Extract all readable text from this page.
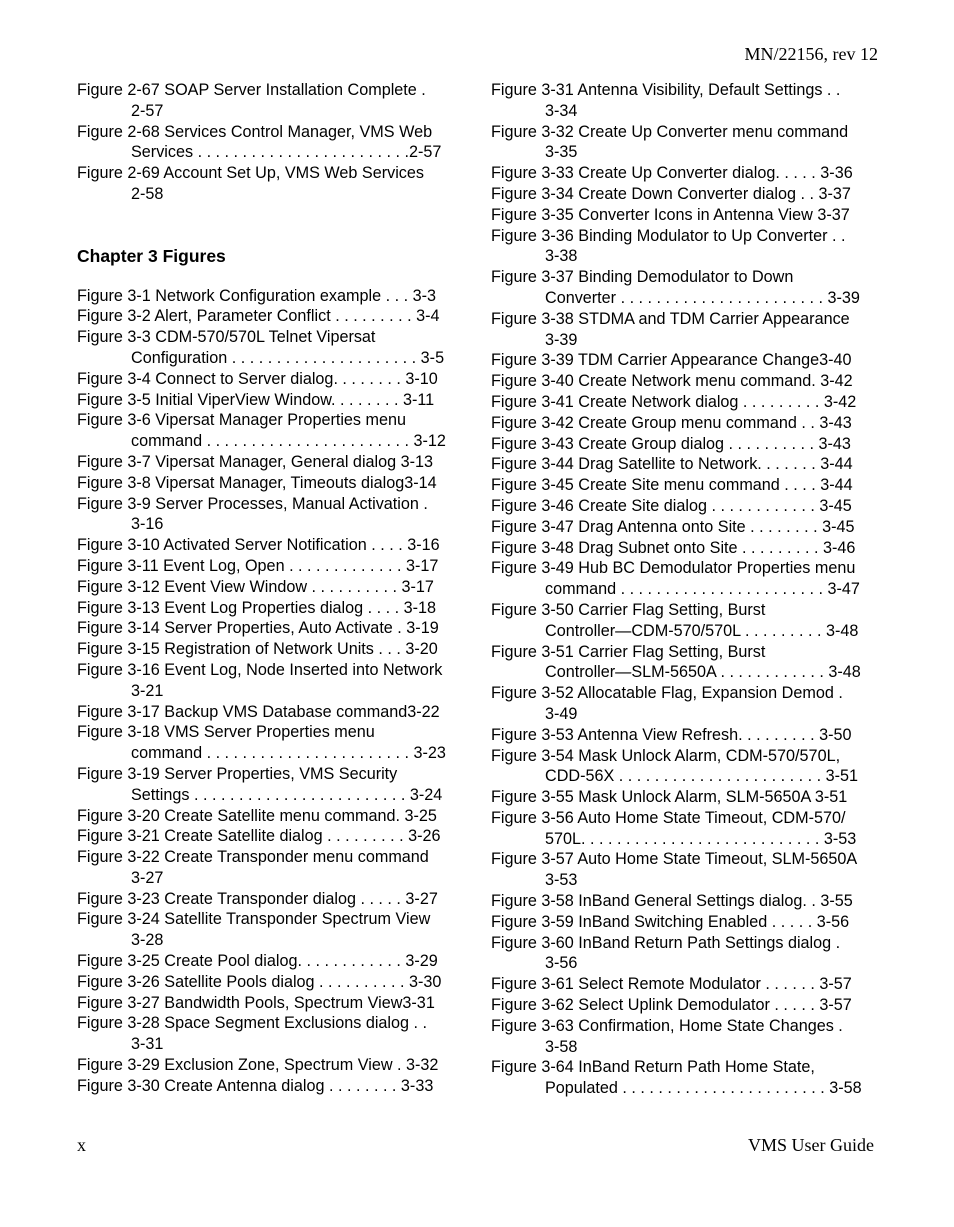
MN/22156, rev 12
Figure 2-67 SOAP Server Installation Complete .
2-57
Figure 2-68 Services Control Manager, VMS Web
Services . . . . . . . . . . . . . . . . . . . . . . . .2-57
Figure 2-69 Account Set Up, VMS Web Services
2-58
Chapter 3 Figures
Figure 3-1 Network Configuration example . . . 3-3
Figure 3-2 Alert, Parameter Conflict . . . . . . . . . 3-4
Figure 3-3 CDM-570/570L Telnet Vipersat
Configuration . . . . . . . . . . . . . . . . . . . . . 3-5
Figure 3-4 Connect to Server dialog. . . . . . . . 3-10
Figure 3-5 Initial ViperView Window. . . . . . . . 3-11
Figure 3-6 Vipersat Manager Properties menu
command . . . . . . . . . . . . . . . . . . . . . . . 3-12
Figure 3-7 Vipersat Manager, General dialog 3-13
Figure 3-8 Vipersat Manager, Timeouts dialog3-14
Figure 3-9 Server Processes, Manual Activation .
3-16
Figure 3-10 Activated Server Notification . . . . 3-16
Figure 3-11 Event Log, Open . . . . . . . . . . . . . 3-17
Figure 3-12 Event View Window . . . . . . . . . . 3-17
Figure 3-13 Event Log Properties dialog . . . . 3-18
Figure 3-14 Server Properties, Auto Activate . 3-19
Figure 3-15 Registration of Network Units . . . 3-20
Figure 3-16 Event Log, Node Inserted into Network
3-21
Figure 3-17 Backup VMS Database command3-22
Figure 3-18 VMS Server Properties menu
command . . . . . . . . . . . . . . . . . . . . . . . 3-23
Figure 3-19 Server Properties, VMS Security
Settings . . . . . . . . . . . . . . . . . . . . . . . . 3-24
Figure 3-20 Create Satellite menu command. 3-25
Figure 3-21 Create Satellite dialog . . . . . . . . . 3-26
Figure 3-22 Create Transponder menu command
3-27
Figure 3-23 Create Transponder dialog . . . . . 3-27
Figure 3-24 Satellite Transponder Spectrum View
3-28
Figure 3-25 Create Pool dialog. . . . . . . . . . . . 3-29
Figure 3-26 Satellite Pools dialog . . . . . . . . . . 3-30
Figure 3-27 Bandwidth Pools, Spectrum View3-31
Figure 3-28 Space Segment Exclusions dialog . .
3-31
Figure 3-29 Exclusion Zone, Spectrum View . 3-32
Figure 3-30 Create Antenna dialog . . . . . . . . 3-33
Figure 3-31 Antenna Visibility, Default Settings . .
3-34
Figure 3-32 Create Up Converter menu command
3-35
Figure 3-33 Create Up Converter dialog. . . . . 3-36
Figure 3-34 Create Down Converter dialog . . 3-37
Figure 3-35 Converter Icons in Antenna View 3-37
Figure 3-36 Binding Modulator to Up Converter . .
3-38
Figure 3-37 Binding Demodulator to Down
Converter . . . . . . . . . . . . . . . . . . . . . . . 3-39
Figure 3-38 STDMA and TDM Carrier Appearance
3-39
Figure 3-39 TDM Carrier Appearance Change3-40
Figure 3-40 Create Network menu command. 3-42
Figure 3-41 Create Network dialog . . . . . . . . . 3-42
Figure 3-42 Create Group menu command . . 3-43
Figure 3-43 Create Group dialog . . . . . . . . . . 3-43
Figure 3-44 Drag Satellite to Network. . . . . . . 3-44
Figure 3-45 Create Site menu command . . . . 3-44
Figure 3-46 Create Site dialog . . . . . . . . . . . . 3-45
Figure 3-47 Drag Antenna onto Site . . . . . . . . 3-45
Figure 3-48 Drag Subnet onto Site . . . . . . . . . 3-46
Figure 3-49 Hub BC Demodulator Properties menu
command . . . . . . . . . . . . . . . . . . . . . . . 3-47
Figure 3-50 Carrier Flag Setting, Burst
Controller—CDM-570/570L . . . . . . . . . 3-48
Figure 3-51 Carrier Flag Setting, Burst
Controller—SLM-5650A . . . . . . . . . . . . 3-48
Figure 3-52 Allocatable Flag, Expansion Demod .
3-49
Figure 3-53 Antenna View Refresh. . . . . . . . . 3-50
Figure 3-54 Mask Unlock Alarm, CDM-570/570L,
CDD-56X . . . . . . . . . . . . . . . . . . . . . . . 3-51
Figure 3-55 Mask Unlock Alarm, SLM-5650A 3-51
Figure 3-56 Auto Home State Timeout, CDM-570/
570L. . . . . . . . . . . . . . . . . . . . . . . . . . . 3-53
Figure 3-57 Auto Home State Timeout, SLM-5650A
3-53
Figure 3-58 InBand General Settings dialog. . 3-55
Figure 3-59 InBand Switching Enabled . . . . . 3-56
Figure 3-60 InBand Return Path Settings dialog .
3-56
Figure 3-61 Select Remote Modulator . . . . . . 3-57
Figure 3-62 Select Uplink Demodulator . . . . . 3-57
Figure 3-63 Confirmation, Home State Changes .
3-58
Figure 3-64 InBand Return Path Home State,
Populated . . . . . . . . . . . . . . . . . . . . . . . 3-58
x	VMS User Guide
